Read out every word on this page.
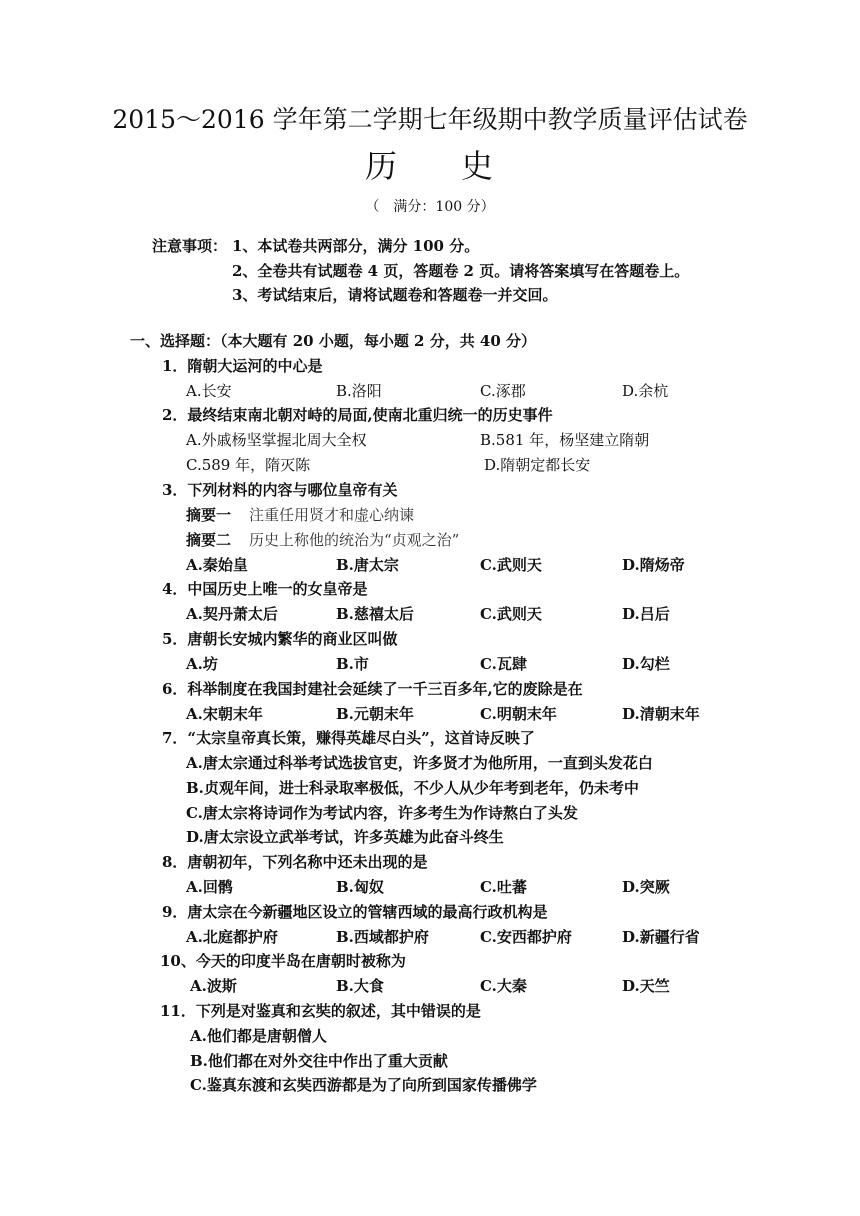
2015～2016 学年第二学期七年级期中教学质量评估试卷
历 史
（　满分：100 分）
注意事项： 1、本试卷共两部分，满分 100 分。
2、全卷共有试题卷 4 页，答题卷 2 页。请将答案填写在答题卷上。
3、考试结束后，请将试题卷和答题卷一并交回。
一、选择题：（本大题有 20 小题，每小题 2 分，共 40 分）
1．隋朝大运河的中心是
A.长安	B.洛阳	C.涿郡	D.余杭
2．最终结束南北朝对峙的局面,使南北重归统一的历史事件
A.外戚杨坚掌握北周大全权	B.581 年，杨坚建立隋朝
C.589 年，隋灭陈	D.隋朝定都长安
3．下列材料的内容与哪位皇帝有关
摘要一 注重任用贤才和虚心纳谏
摘要二 历史上称他的统治为“贞观之治”
A.秦始皇	B.唐太宗	C.武则天	D.隋炀帝
4．中国历史上唯一的女皇帝是
A.契丹萧太后	B.慈禧太后	C.武则天	D.吕后
5．唐朝长安城内繁华的商业区叫做
A.坊	B.市	C.瓦肆	D.勾栏
6．科举制度在我国封建社会延续了一千三百多年,它的废除是在
A.宋朝末年	B.元朝末年	C.明朝末年	D.清朝末年
7．“太宗皇帝真长策，赚得英雄尽白头”，这首诗反映了
A.唐太宗通过科举考试选拔官吏，许多贤才为他所用，一直到头发花白
B.贞观年间，进士科录取率极低，不少人从少年考到老年，仍未考中
C.唐太宗将诗词作为考试内容，许多考生为作诗熬白了头发
D.唐太宗设立武举考试，许多英雄为此奋斗终生
8．唐朝初年，下列名称中还未出现的是
A.回鹘	B.匈奴	C.吐蕃	D.突厥
9．唐太宗在今新疆地区设立的管辖西域的最高行政机构是
A.北庭都护府	B.西域都护府	C.安西都护府	D.新疆行省
10、今天的印度半岛在唐朝时被称为
A.波斯	B.大食	C.大秦	D.天竺
11．下列是对鉴真和玄奘的叙述，其中错误的是
A.他们都是唐朝僧人
B.他们都在对外交往中作出了重大贡献
C.鉴真东渡和玄奘西游都是为了向所到国家传播佛学
